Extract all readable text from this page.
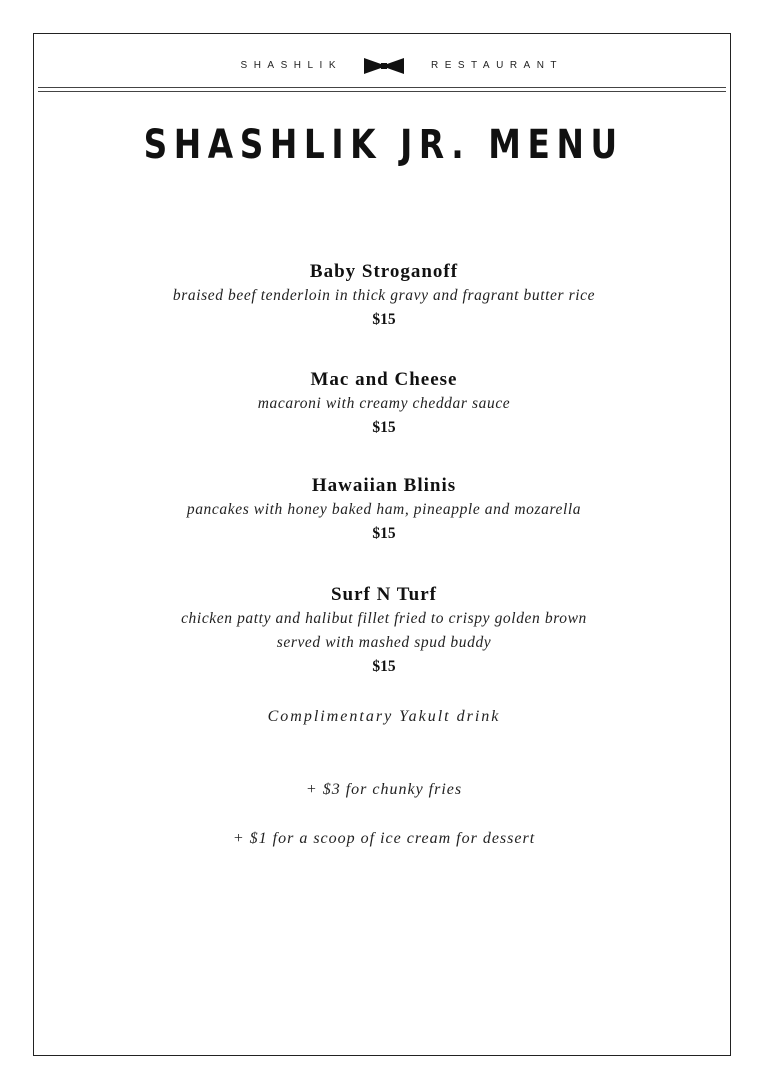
SHASHLIK	RESTAURANT
SHASHLIK JR. MENU
Baby Stroganoff
braised beef tenderloin in thick gravy and fragrant butter rice
$15
Mac and Cheese
macaroni with creamy cheddar sauce
$15
Hawaiian Blinis
pancakes with honey baked ham, pineapple and mozarella
$15
Surf N Turf
chicken patty and halibut fillet fried to crispy golden brown
served with mashed spud buddy
$15
Complimentary Yakult drink
+ $3 for chunky fries
+ $1 for a scoop of ice cream for dessert
